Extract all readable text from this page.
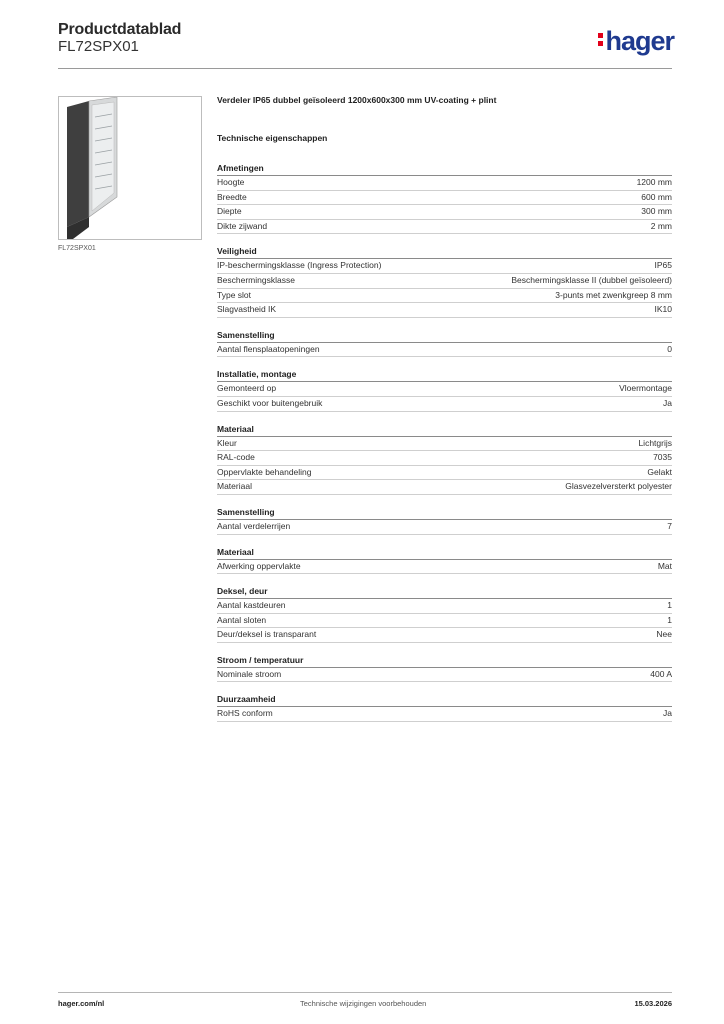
Productdatablad
FL72SPX01	hager
FL72SPX01
Verdeler IP65 dubbel geïsoleerd 1200x600x300 mm UV-coating + plint
Technische eigenschappen
Afmetingen
Hoogte	1200 mm
Breedte	600 mm
Diepte	300 mm
Dikte zijwand	2 mm
Veiligheid
IP-beschermingsklasse (Ingress Protection)	IP65
Beschermingsklasse	Beschermingsklasse II (dubbel geïsoleerd)
Type slot	3-punts met zwenkgreep 8 mm
Slagvastheid IK	IK10
Samenstelling
Aantal flensplaatopeningen	0
Installatie, montage
Gemonteerd op	Vloermontage
Geschikt voor buitengebruik	Ja
Materiaal
Kleur	Lichtgrijs
RAL-code	7035
Oppervlakte behandeling	Gelakt
Materiaal	Glasvezelversterkt polyester
Samenstelling
Aantal verdelerrijen	7
Materiaal
Afwerking oppervlakte	Mat
Deksel, deur
Aantal kastdeuren	1
Aantal sloten	1
Deur/deksel is transparant	Nee
Stroom / temperatuur
Nominale stroom	400 A
Duurzaamheid
RoHS conform	Ja
hager.com/nl	Technische wijzigingen voorbehouden	15.03.2026
